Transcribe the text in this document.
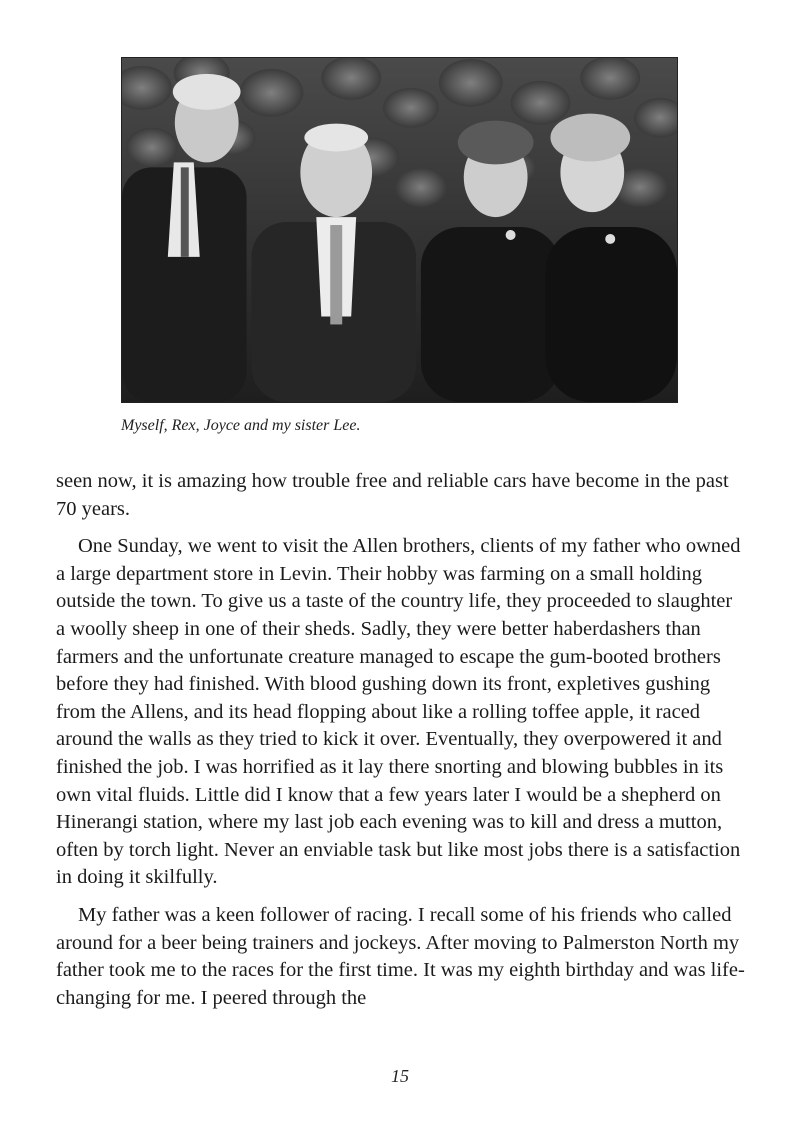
Myself, Rex, Joyce and my sister Lee.

seen now, it is amazing how trouble free and reliable cars have become in the past 70 years.

One Sunday, we went to visit the Allen brothers, clients of my father who owned a large department store in Levin. Their hobby was farming on a small holding outside the town. To give us a taste of the country life, they proceeded to slaughter a woolly sheep in one of their sheds. Sadly, they were better haberdashers than farmers and the unfortunate creature managed to escape the gum-booted brothers before they had finished. With blood gushing down its front, expletives gushing from the Allens, and its head flopping about like a rolling toffee apple, it raced around the walls as they tried to kick it over. Eventually, they overpowered it and finished the job. I was horrified as it lay there snorting and blowing bubbles in its own vital fluids. Little did I know that a few years later I would be a shepherd on Hinerangi station, where my last job each evening was to kill and dress a mutton, often by torch light. Never an enviable task but like most jobs there is a satisfaction in doing it skilfully.

My father was a keen follower of racing. I recall some of his friends who called around for a beer being trainers and jockeys. After moving to Palmerston North my father took me to the races for the first time. It was my eighth birthday and was life-changing for me. I peered through the

15
